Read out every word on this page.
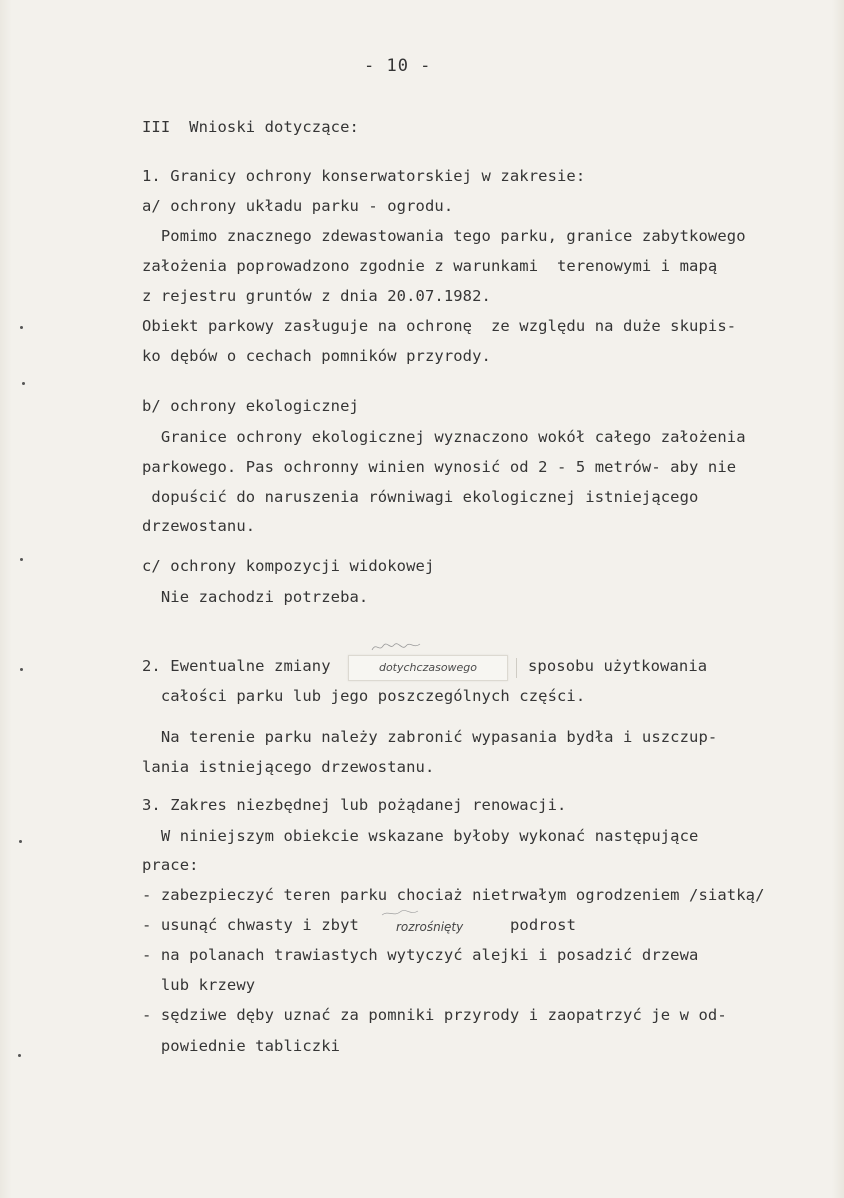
- 10 -
III  Wnioski dotyczące:
1. Granicy ochrony konserwatorskiej w zakresie:
a/ ochrony układu parku - ogrodu.
Pomimo znacznego zdewastowania tego parku, granice zabytkowego
założenia poprowadzono zgodnie z warunkami  terenowymi i mapą
z rejestru gruntów z dnia 20.07.1982.
Obiekt parkowy zasługuje na ochronę  ze względu na duże skupis-
ko dębów o cechach pomników przyrody.
b/ ochrony ekologicznej
Granice ochrony ekologicznej wyznaczono wokół całego założenia
parkowego. Pas ochronny winien wynosić od 2 - 5 metrów- aby nie
dopuścić do naruszenia równiwagi ekologicznej istniejącego
drzewostanu.
c/ ochrony kompozycji widokowej
Nie zachodzi potrzeba.
2. Ewentualne zmiany	dotychczasowego	sposobu użytkowania
całości parku lub jego poszczególnych części.
Na terenie parku należy zabronić wypasania bydła i uszczup-
lania istniejącego drzewostanu.
3. Zakres niezbędnej lub pożądanej renowacji.
W niniejszym obiekcie wskazane byłoby wykonać następujące
prace:
- zabezpieczyć teren parku chociaż nietrwałym ogrodzeniem /siatką/
- usunąć chwasty i zbyt	rozrośnięty	podrost
- na polanach trawiastych wytyczyć alejki i posadzić drzewa
lub krzewy
- sędziwe dęby uznać za pomniki przyrody i zaopatrzyć je w od-
powiednie tabliczki
